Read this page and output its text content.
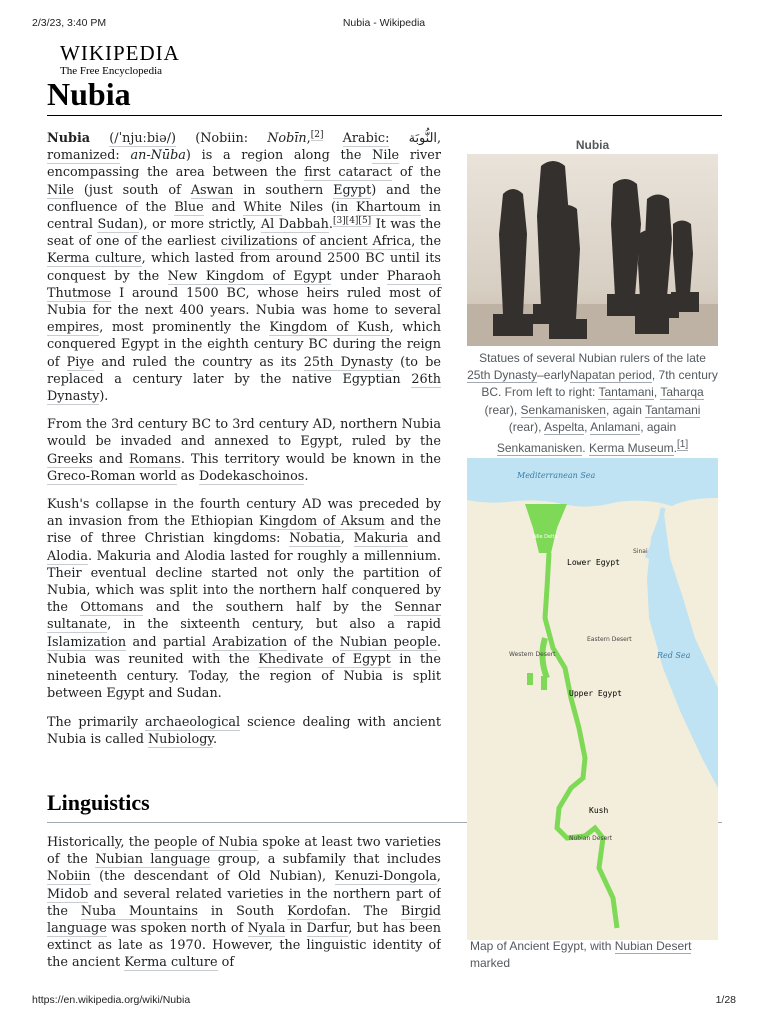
2/3/23, 3:40 PM	Nubia - Wikipedia
WIKIPEDIA
The Free Encyclopedia
Nubia

Nubia (/ˈnjuːbiə/) (Nobiin: Nobīn,[2] Arabic: النُّوبَة, romanized: an-Nūba) is a region along the Nile river encompassing the area between the first cataract of the Nile (just south of Aswan in southern Egypt) and the confluence of the Blue and White Niles (in Khartoum in central Sudan), or more strictly, Al Dabbah.[3][4][5] It was the seat of one of the earliest civilizations of ancient Africa, the Kerma culture, which lasted from around 2500 BC until its conquest by the New Kingdom of Egypt under Pharaoh Thutmose I around 1500 BC, whose heirs ruled most of Nubia for the next 400 years. Nubia was home to several empires, most prominently the Kingdom of Kush, which conquered Egypt in the eighth century BC during the reign of Piye and ruled the country as its 25th Dynasty (to be replaced a century later by the native Egyptian 26th Dynasty).

From the 3rd century BC to 3rd century AD, northern Nubia would be invaded and annexed to Egypt, ruled by the Greeks and Romans. This territory would be known in the Greco-Roman world as Dodekaschoinos.

Kush's collapse in the fourth century AD was preceded by an invasion from the Ethiopian Kingdom of Aksum and the rise of three Christian kingdoms: Nobatia, Makuria and Alodia. Makuria and Alodia lasted for roughly a millennium. Their eventual decline started not only the partition of Nubia, which was split into the northern half conquered by the Ottomans and the southern half by the Sennar sultanate, in the sixteenth century, but also a rapid Islamization and partial Arabization of the Nubian people. Nubia was reunited with the Khedivate of Egypt in the nineteenth century. Today, the region of Nubia is split between Egypt and Sudan.

The primarily archaeological science dealing with ancient Nubia is called Nubiology.

Linguistics
Historically, the people of Nubia spoke at least two varieties of the Nubian language group, a subfamily that includes Nobiin (the descendant of Old Nubian), Kenuzi-Dongola, Midob and several related varieties in the northern part of the Nuba Mountains in South Kordofan. The Birgid language was spoken north of Nyala in Darfur, but has been extinct as late as 1970. However, the linguistic identity of the ancient Kerma culture of
Nubia
Statues of several Nubian rulers of the late 25th Dynasty–earlyNapatan period, 7th century BC. From left to right: Tantamani, Taharqa (rear), Senkamanisken, again Tantamani (rear), Aspelta, Anlamani, again Senkamanisken. Kerma Museum.[1]
Mediterranean Sea
Nile Delta
Sinai
Lower Egypt
Eastern Desert
Western Desert	Red Sea
Upper Egypt
Kush
Nubian Desert
Map of Ancient Egypt, with Nubian Desert marked
https://en.wikipedia.org/wiki/Nubia	1/28
